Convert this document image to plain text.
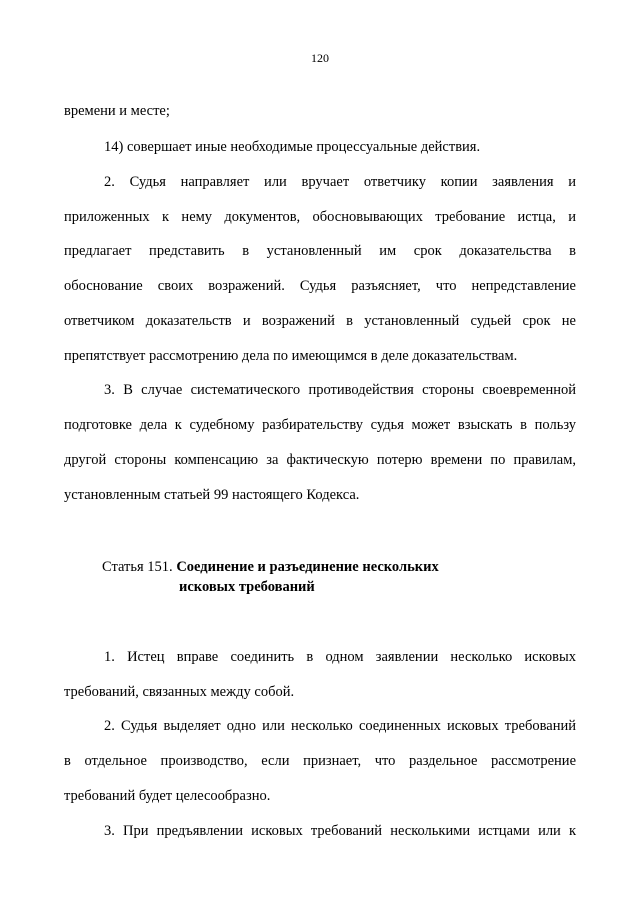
120
времени и месте;
14) совершает иные необходимые процессуальные действия.
2. Судья направляет или вручает ответчику копии заявления и
приложенных к нему документов, обосновывающих требование истца, и
предлагает представить в установленный им срок доказательства в
обоснование своих возражений. Судья разъясняет, что непредставление
ответчиком доказательств и возражений в установленный судьей срок не
препятствует рассмотрению дела по имеющимся в деле доказательствам.
3. В случае систематического противодействия стороны своевременной
подготовке дела к судебному разбирательству судья может взыскать в пользу
другой стороны компенсацию за фактическую потерю времени по правилам,
установленным статьей 99 настоящего Кодекса.
Статья 151. Соединение и разъединение нескольких
исковых требований
1. Истец вправе соединить в одном заявлении несколько исковых
требований, связанных между собой.
2. Судья выделяет одно или несколько соединенных исковых требований
в отдельное производство, если признает, что раздельное рассмотрение
требований будет целесообразно.
3. При предъявлении исковых требований несколькими истцами или к
